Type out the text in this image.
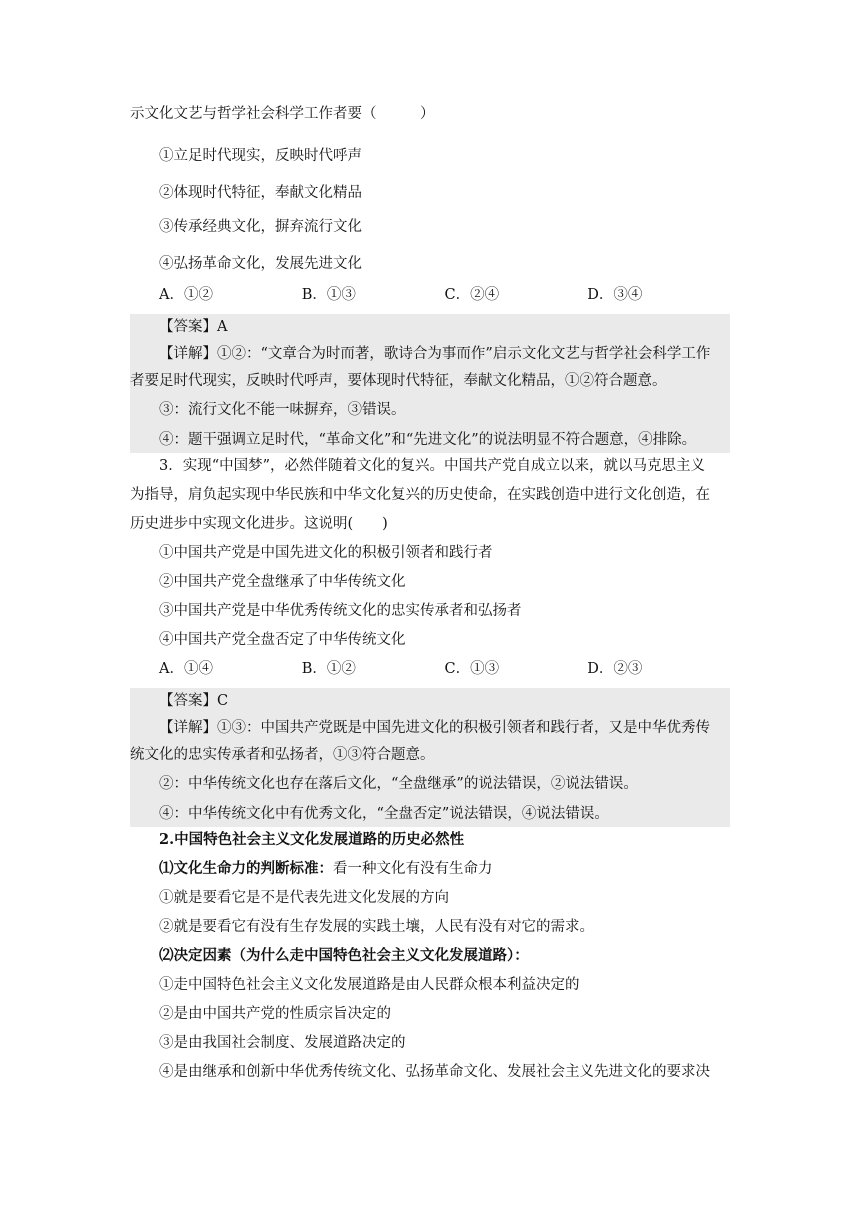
示文化文艺与哲学社会科学工作者要（　　　）
①立足时代现实，反映时代呼声
②体现时代特征，奉献文化精品
③传承经典文化，摒弃流行文化
④弘扬革命文化，发展先进文化
A．①②	B．①③	C．②④	D．③④
【答案】A
【详解】①②：“文章合为时而著，歌诗合为事而作”启示文化文艺与哲学社会科学工作
者要足时代现实，反映时代呼声，要体现时代特征，奉献文化精品，①②符合题意。
③：流行文化不能一味摒弃，③错误。
④：题干强调立足时代，“革命文化”和“先进文化”的说法明显不符合题意，④排除。
3．实现“中国梦”，必然伴随着文化的复兴。中国共产党自成立以来，就以马克思主义
为指导，肩负起实现中华民族和中华文化复兴的历史使命，在实践创造中进行文化创造，在
历史进步中实现文化进步。这说明(　　)
①中国共产党是中国先进文化的积极引领者和践行者
②中国共产党全盘继承了中华传统文化
③中国共产党是中华优秀传统文化的忠实传承者和弘扬者
④中国共产党全盘否定了中华传统文化
A．①④	B．①②	C．①③	D．②③
【答案】C
【详解】①③：中国共产党既是中国先进文化的积极引领者和践行者，又是中华优秀传
统文化的忠实传承者和弘扬者，①③符合题意。
②：中华传统文化也存在落后文化，“全盘继承”的说法错误，②说法错误。
④：中华传统文化中有优秀文化，“全盘否定”说法错误，④说法错误。
2.中国特色社会主义文化发展道路的历史必然性
⑴文化生命力的判断标准：看一种文化有没有生命力
①就是要看它是不是代表先进文化发展的方向
②就是要看它有没有生存发展的实践土壤，人民有没有对它的需求。
⑵决定因素（为什么走中国特色社会主义文化发展道路）：
①走中国特色社会主义文化发展道路是由人民群众根本利益决定的
②是由中国共产党的性质宗旨决定的
③是由我国社会制度、发展道路决定的
④是由继承和创新中华优秀传统文化、弘扬革命文化、发展社会主义先进文化的要求决
